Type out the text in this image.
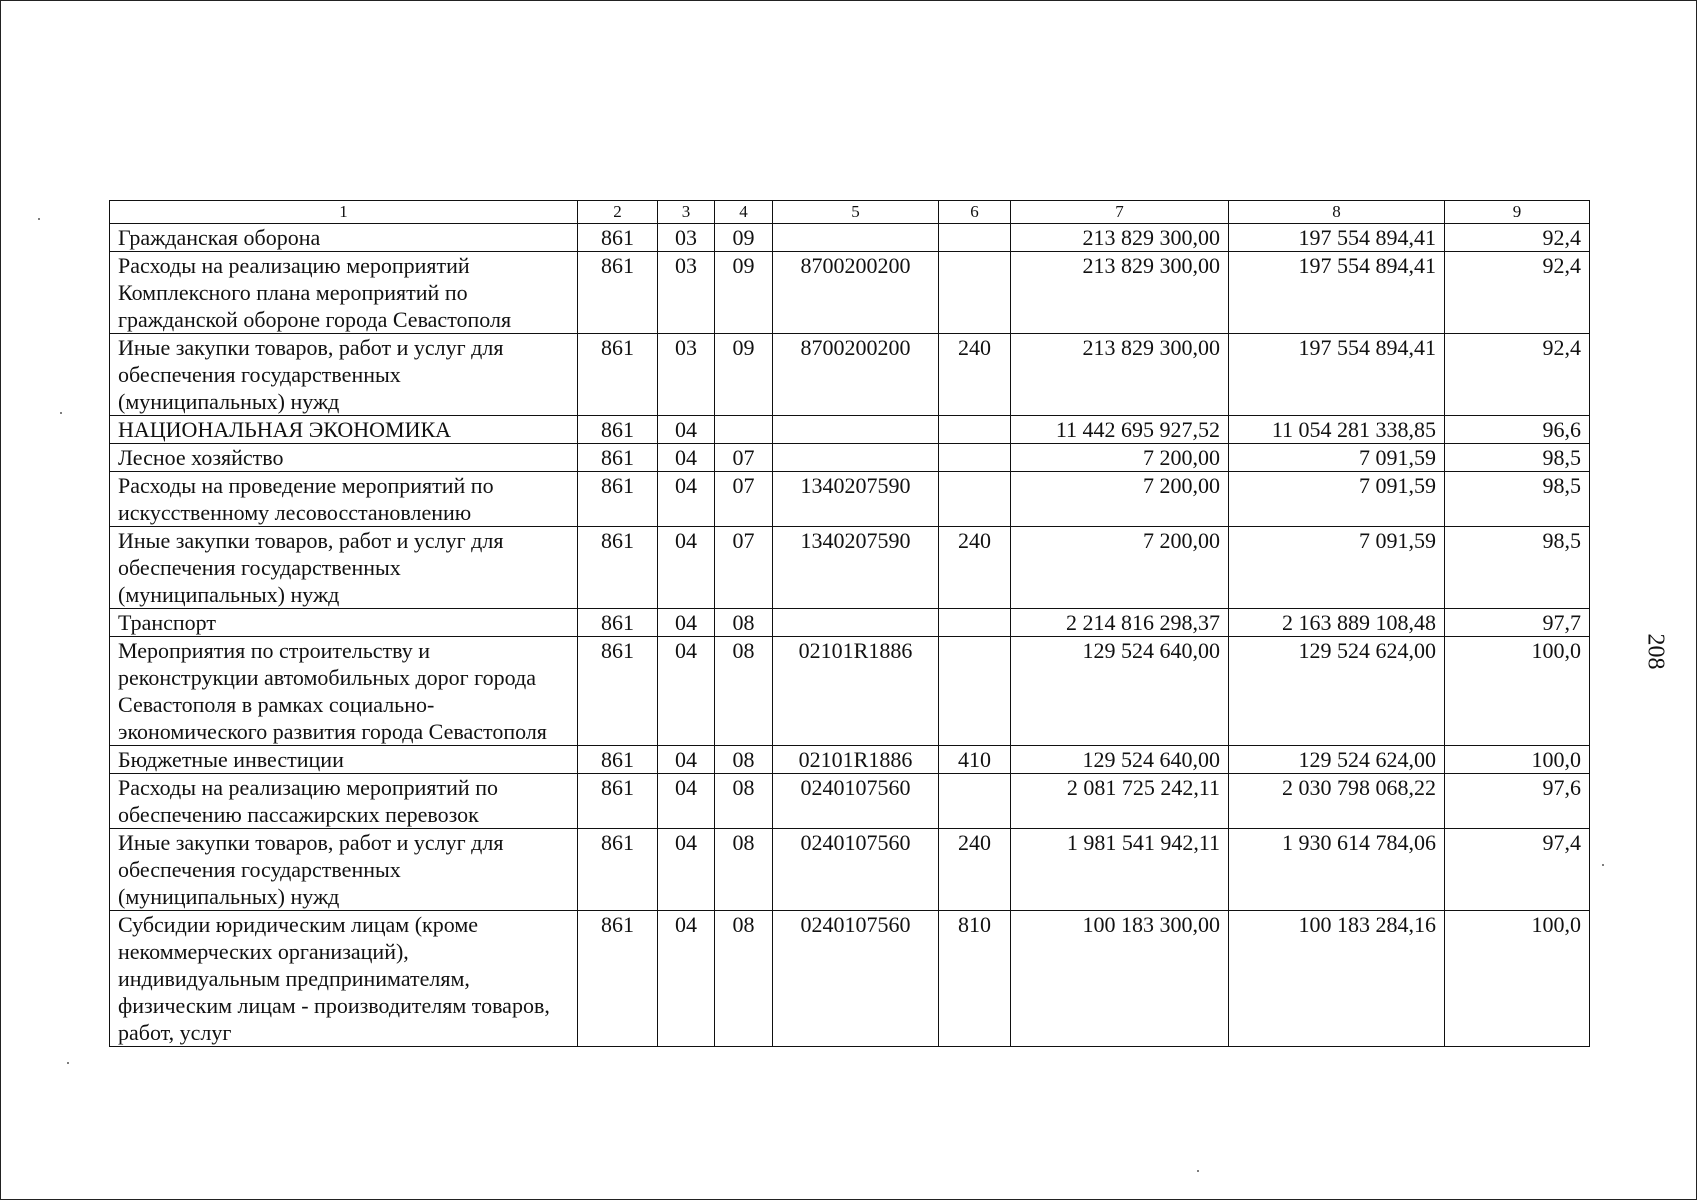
1	2	3	4	5	6	7	8	9
Гражданская оборона	861	03	09			213 829 300,00	197 554 894,41	92,4
Расходы на реализацию мероприятий Комплексного плана мероприятий по гражданской обороне города Севастополя	861	03	09	8700200200		213 829 300,00	197 554 894,41	92,4
Иные закупки товаров, работ и услуг для обеспечения государственных (муниципальных) нужд	861	03	09	8700200200	240	213 829 300,00	197 554 894,41	92,4
НАЦИОНАЛЬНАЯ ЭКОНОМИКА	861	04				11 442 695 927,52	11 054 281 338,85	96,6
Лесное хозяйство	861	04	07			7 200,00	7 091,59	98,5
Расходы на проведение мероприятий по искусственному лесовосстановлению	861	04	07	1340207590		7 200,00	7 091,59	98,5
Иные закупки товаров, работ и услуг для обеспечения государственных (муниципальных) нужд	861	04	07	1340207590	240	7 200,00	7 091,59	98,5
Транспорт	861	04	08			2 214 816 298,37	2 163 889 108,48	97,7
Мероприятия по строительству и реконструкции автомобильных дорог города Севастополя в рамках социально-экономического развития города Севастополя	861	04	08	02101R1886		129 524 640,00	129 524 624,00	100,0
Бюджетные инвестиции	861	04	08	02101R1886	410	129 524 640,00	129 524 624,00	100,0
Расходы на реализацию мероприятий по обеспечению пассажирских перевозок	861	04	08	0240107560		2 081 725 242,11	2 030 798 068,22	97,6
Иные закупки товаров, работ и услуг для обеспечения государственных (муниципальных) нужд	861	04	08	0240107560	240	1 981 541 942,11	1 930 614 784,06	97,4
Субсидии юридическим лицам (кроме некоммерческих организаций), индивидуальным предпринимателям, физическим лицам - производителям товаров, работ, услуг	861	04	08	0240107560	810	100 183 300,00	100 183 284,16	100,0
208
